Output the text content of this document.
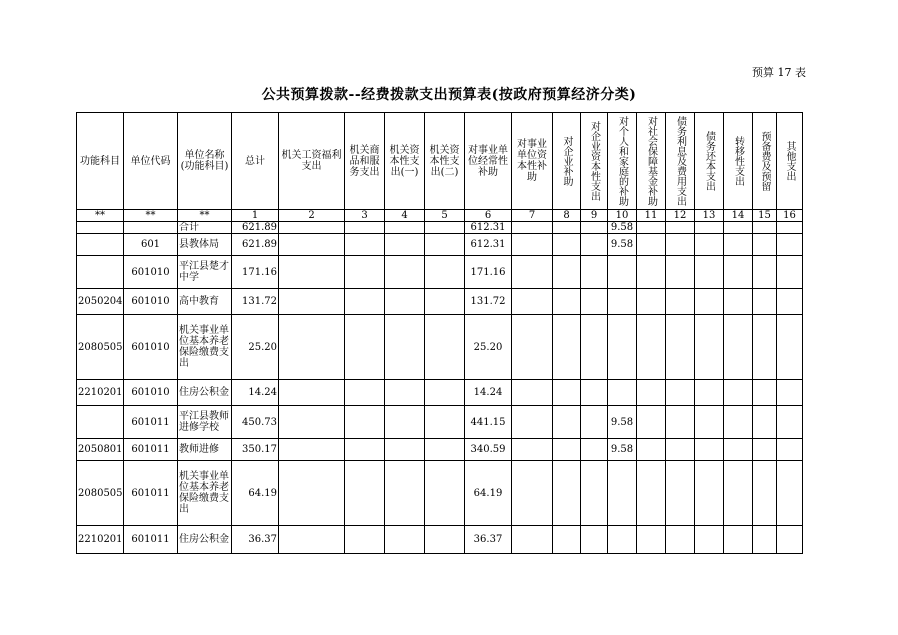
预算 17 表
公共预算拨款--经费拨款支出预算表(按政府预算经济分类)
功能科目	单位代码	单位名称(功能科目)	总计	机关工资福利支出	机关商品和服务支出	机关资本性支出(一)	机关资本性支出(二)	对事业单位经常性补助	对事业单位资本性补助	对企业补助	对企业资本性支出	对个人和家庭的补助	对社会保障基金补助	债务利息及费用支出	债务还本支出	转移性支出	预备费及预留	其他支出
**	**	**	1	2	3	4	5	6	7	8	9	10	11	12	13	14	15	16
		合计	621.89					612.31				9.58						
	601	县教体局	621.89					612.31				9.58						
	601010	平江县楚才中学	171.16					171.16										
2050204	601010	高中教育	131.72					131.72										
2080505	601010	机关事业单位基本养老保险缴费支出	25.20					25.20										
2210201	601010	住房公积金	14.24					14.24										
	601011	平江县教师进修学校	450.73					441.15				9.58						
2050801	601011	教师进修	350.17					340.59				9.58						
2080505	601011	机关事业单位基本养老保险缴费支出	64.19					64.19										
2210201	601011	住房公积金	36.37					36.37										
